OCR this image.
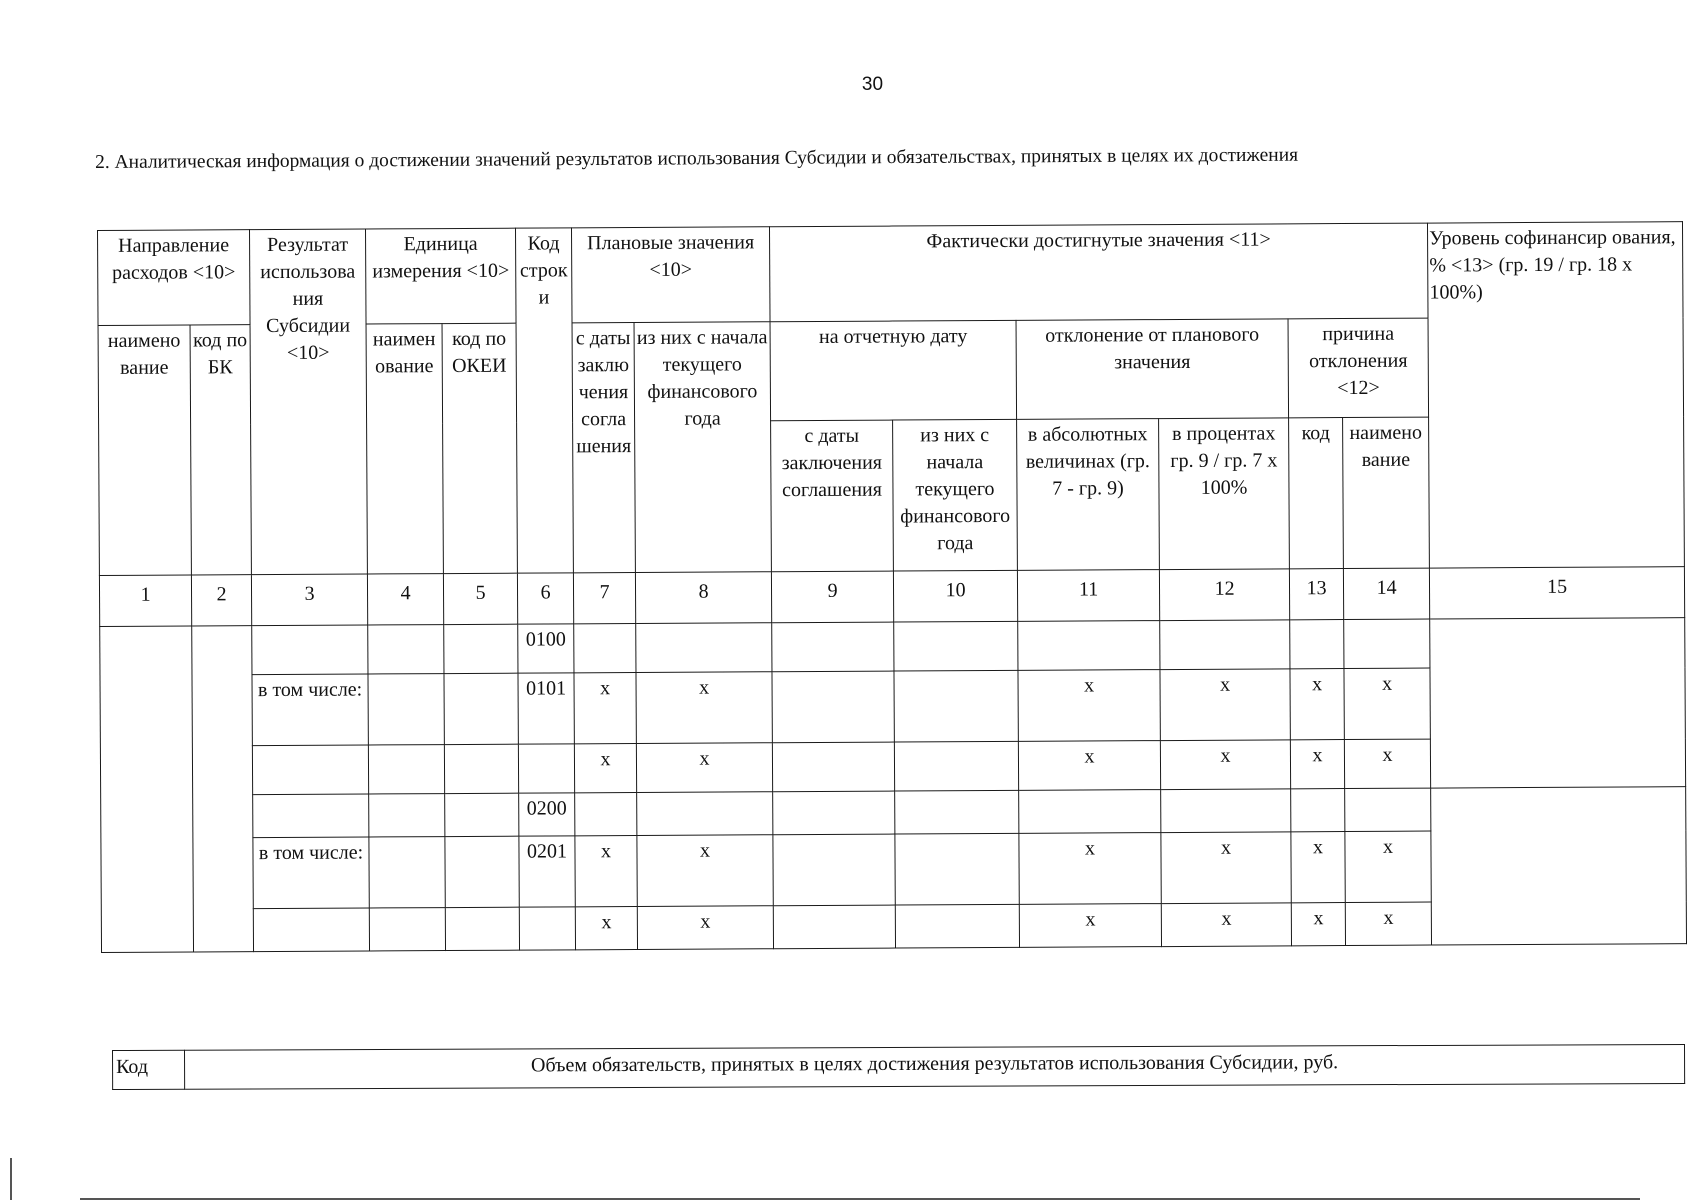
30
2. Аналитическая информация о достижении значений результатов использования Субсидии и обязательствах, принятых в целях их достижения
Направление расходов <10>		Результат использова ния Субсидии <10>	Единица измерения <10>		Код строк и	Плановые значения <10>		Фактически достигнутые значения <11>						Уровень софинансир ования, % <13> (гр. 19 / гр. 18 х 100%)
наимено вание	код по БК		наимен ование	код по ОКЕИ		с даты заклю чения согла шения	из них с начала текущего финансового года	на отчетную дату		отклонение от планового значения		причина отклонения <12>		
								с даты заключения соглашения	из них с начала текущего финансового года	в абсолютных величинах (гр. 7 - гр. 9)	в процентах гр. 9 / гр. 7 х 100%	код	наимено вание	
1	2	3	4	5	6	7	8	9	10	11	12	13	14	15
					0100									
		в том числе:			0101	х	х			х	х	х	х	
						х	х			х	х	х	х	
					0200									
		в том числе:			0201	х	х			х	х	х	х	
						х	х			х	х	х	х	
Код	Объем обязательств, принятых в целях достижения результатов использования Субсидии, руб.
